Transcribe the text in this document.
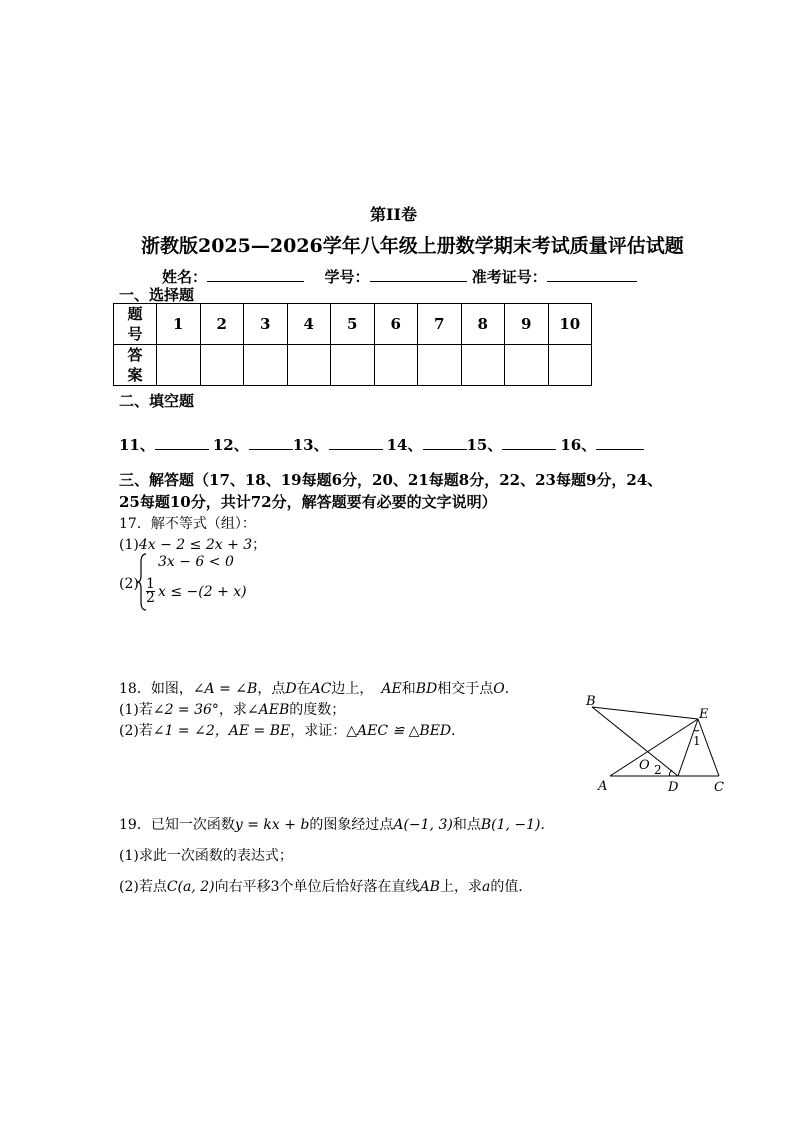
第II卷
浙教版2025—2026学年八年级上册数学期末考试质量评估试题
姓名：	学号：	准考证号：
一、选择题
题号	1	2	3	4	5	6	7	8	9	10
答案										
二、填空题
11、	12、	13、	14、	15、	16、
三、解答题（17、18、19每题6分，20、21每题8分，22、23每题9分，24、
25每题10分，共计72分，解答题要有必要的文字说明）
17．解不等式（组）：
(1)4x − 2 ≤ 2x + 3；
(2)
3x − 6 < 0
$\frac{1}{2}$ x ≤ −(2 + x)
18．如图，∠A = ∠B，点D在AC边上， AE和BD相交于点O．
(1)若∠2 = 36°，求∠AEB的度数；
(2)若∠1 = ∠2，AE = BE，求证：△AEC ≌ △BED．
B
E
O
A	D	C
1
2
19．已知一次函数y = kx + b的图象经过点A(−1, 3)和点B(1, −1)．
(1)求此一次函数的表达式；
(2)若点C(a, 2)向右平移3个单位后恰好落在直线AB上，求a的值．
